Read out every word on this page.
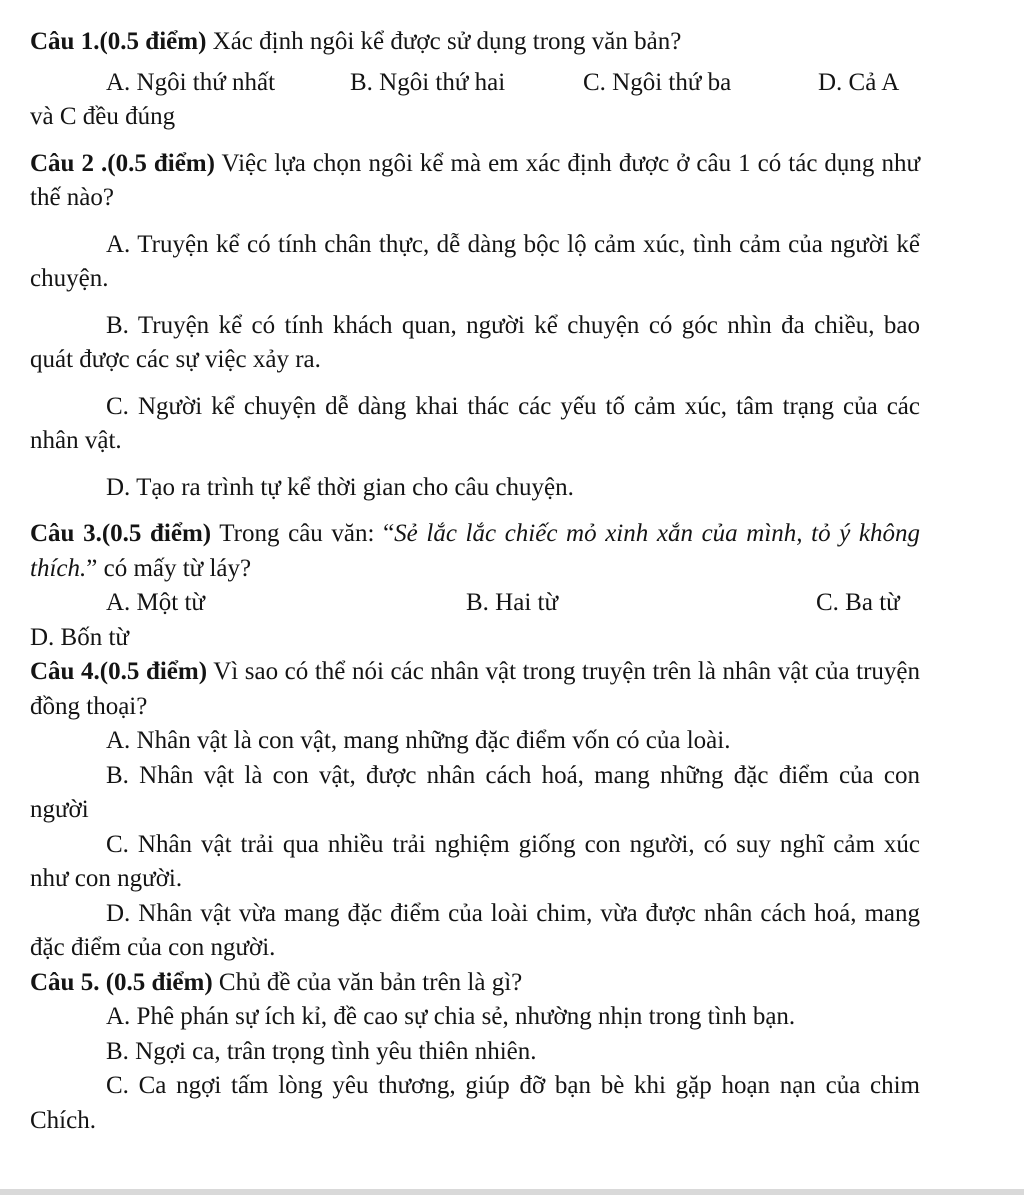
Câu 1.(0.5 điểm) Xác định ngôi kể được sử dụng trong văn bản?

A. Ngôi thứ nhất	B. Ngôi thứ hai	C. Ngôi thứ ba	D. Cả A

và C đều đúng

Câu 2 .(0.5 điểm) Việc lựa chọn ngôi kể mà em xác định được ở câu 1 có tác dụng như thế nào?

A. Truyện kể có tính chân thực, dễ dàng bộc lộ cảm xúc, tình cảm của người kể chuyện.

B. Truyện kể có tính khách quan, người kể chuyện có góc nhìn đa chiều, bao quát được các sự việc xảy ra.

C. Người kể chuyện dễ dàng khai thác các yếu tố cảm xúc, tâm trạng của các nhân vật.

D. Tạo ra trình tự kể thời gian cho câu chuyện.

Câu 3.(0.5 điểm) Trong câu văn: “Sẻ lắc lắc chiếc mỏ xinh xắn của mình, tỏ ý không thích.” có mấy từ láy?

A. Một từ	B. Hai từ	C. Ba từ

D. Bốn từ

Câu 4.(0.5 điểm) Vì sao có thể nói các nhân vật trong truyện trên là nhân vật của truyện đồng thoại?

A. Nhân vật là con vật, mang những đặc điểm vốn có của loài.

B. Nhân vật là con vật, được nhân cách hoá, mang những đặc điểm của con người

C. Nhân vật trải qua nhiều trải nghiệm giống con người, có suy nghĩ cảm xúc như con người.

D. Nhân vật vừa mang đặc điểm của loài chim, vừa được nhân cách hoá, mang đặc điểm của con người.

Câu 5. (0.5 điểm) Chủ đề của văn bản trên là gì?

A. Phê phán sự ích kỉ, đề cao sự chia sẻ, nhường nhịn trong tình bạn.

B. Ngợi ca, trân trọng tình yêu thiên nhiên.

C. Ca ngợi tấm lòng yêu thương, giúp đỡ bạn bè khi gặp hoạn nạn của chim Chích.
